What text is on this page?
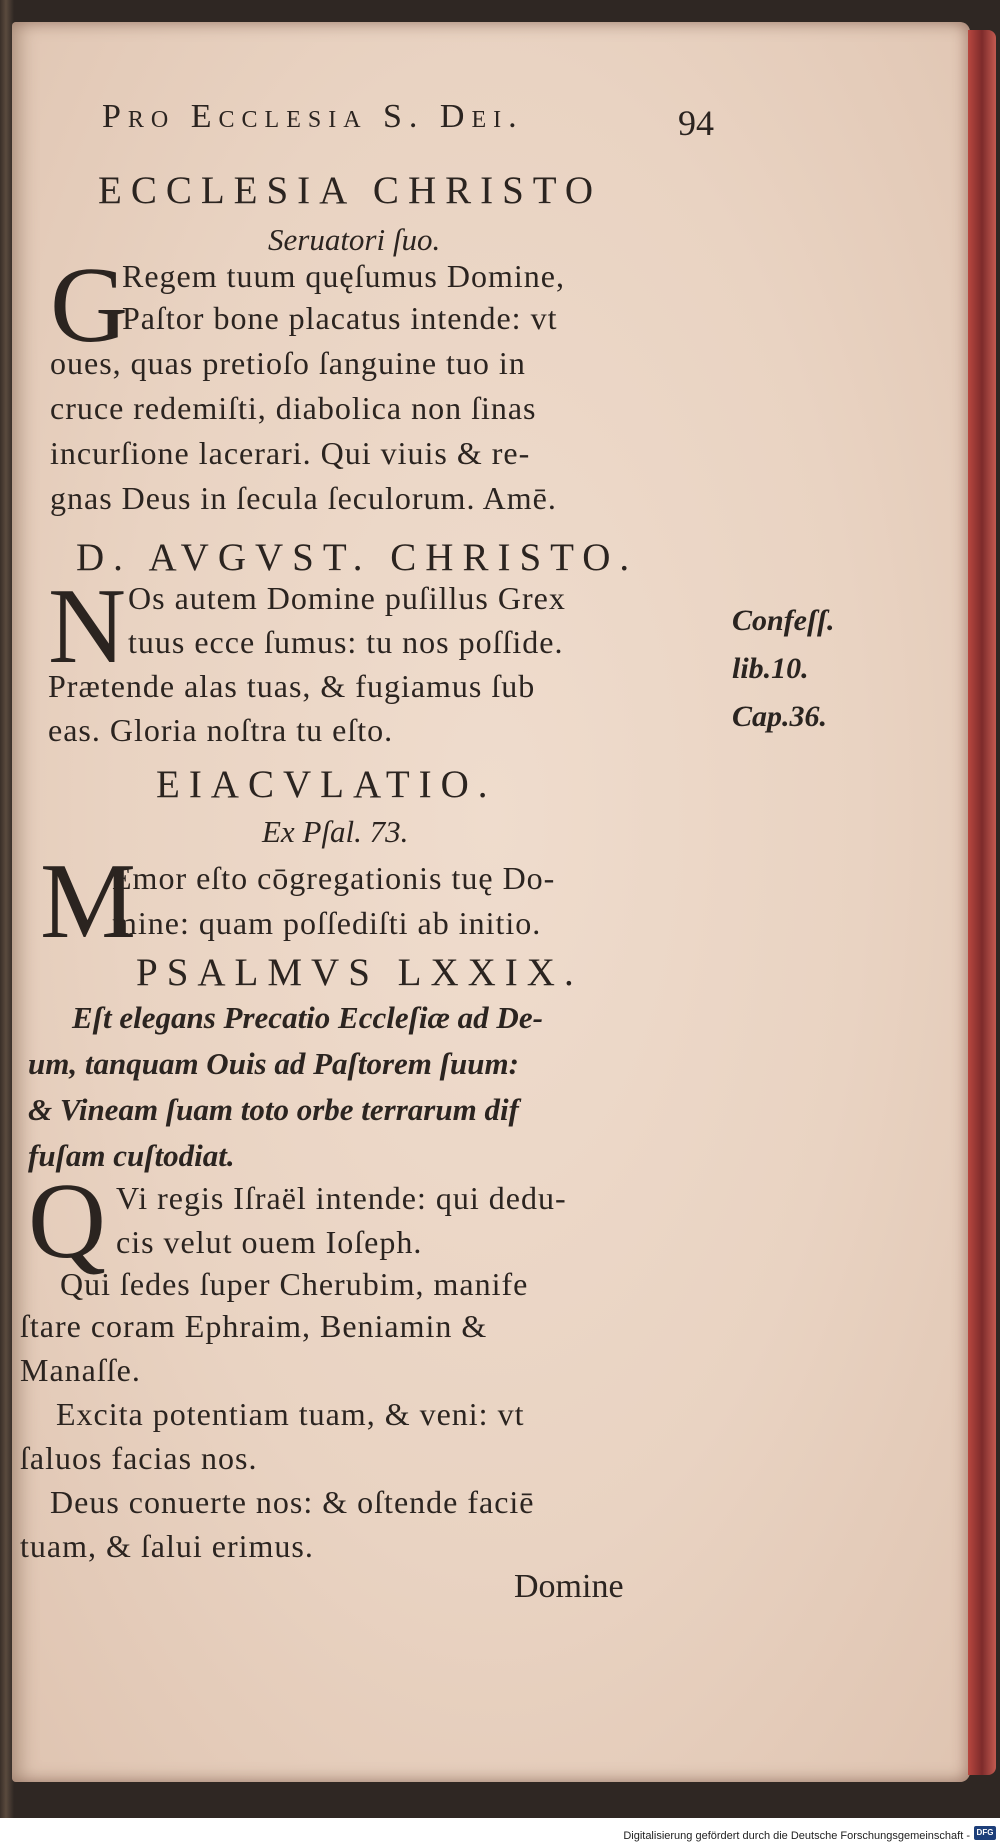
Pro Ecclesia S. Dei.	94
ECCLESIA CHRISTO
Seruatori ſuo.
G
Regem tuum quęſumus Domine,
Paſtor bone placatus intende: vt
oues, quas pretioſo ſanguine tuo in
cruce redemiſti, diabolica non ſinas
incurſione lacerari. Qui viuis & re-
gnas Deus in ſecula ſeculorum. Amē.
D. AVGVST. CHRISTO.
N Os autem Domine puſillus Grex
tuus ecce ſumus: tu nos poſſide.
Prætende alas tuas, & fugiamus ſub
eas. Gloria noſtra tu eſto.
Confeſſ.
lib.10.
Cap.36.
EIACVLATIO.
Ex Pſal. 73.
M
Emor eſto cōgregationis tuę Do-
mine: quam poſſediſti ab initio.
PSALMVS LXXIX.
Eſt elegans Precatio Eccleſiæ ad De-
um, tanquam Ouis ad Paſtorem ſuum:
& Vineam ſuam toto orbe terrarum dif
fuſam cuſtodiat.
Q Vi regis Iſraël intende: qui dedu-
cis velut ouem Ioſeph.
Qui ſedes ſuper Cherubim, manife
ſtare coram Ephraim, Beniamin &
Manaſſe.
Excita potentiam tuam, & veni: vt
ſaluos facias nos.
Deus conuerte nos: & oſtende faciē
tuam, & ſalui erimus.
Domine
Digitalisierung gefördert durch die Deutsche Forschungsgemeinschaft - DFG
